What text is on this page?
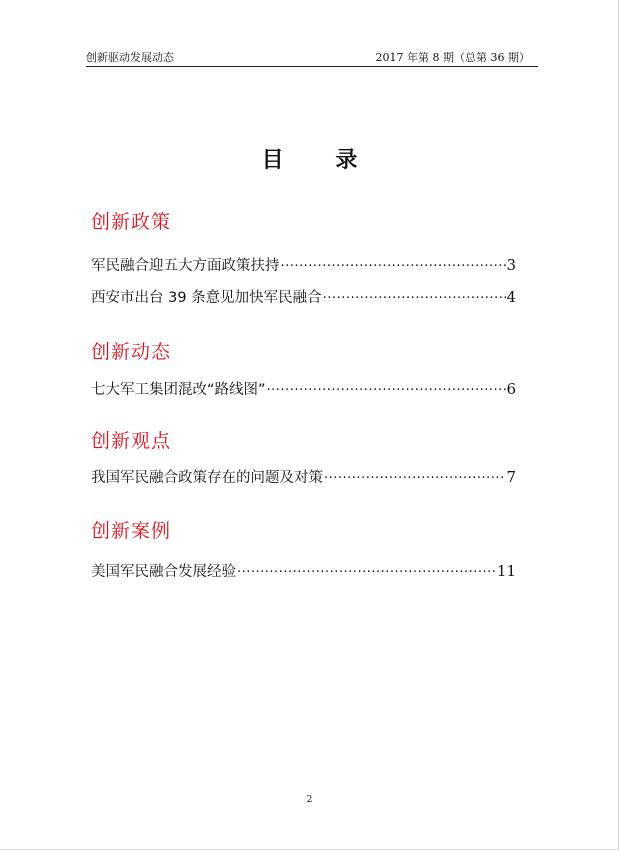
创新驱动发展动态	2017 年第 8 期（总第 36 期）
目 录
创新政策
军民融合迎五大方面政策扶持 ·····	3
西安市出台 39 条意见加快军民融合 ·····	4
创新动态
七大军工集团混改“路线图” ·····	6
创新观点
我国军民融合政策存在的问题及对策 ·····	7
创新案例
美国军民融合发展经验 ·····	11
2
